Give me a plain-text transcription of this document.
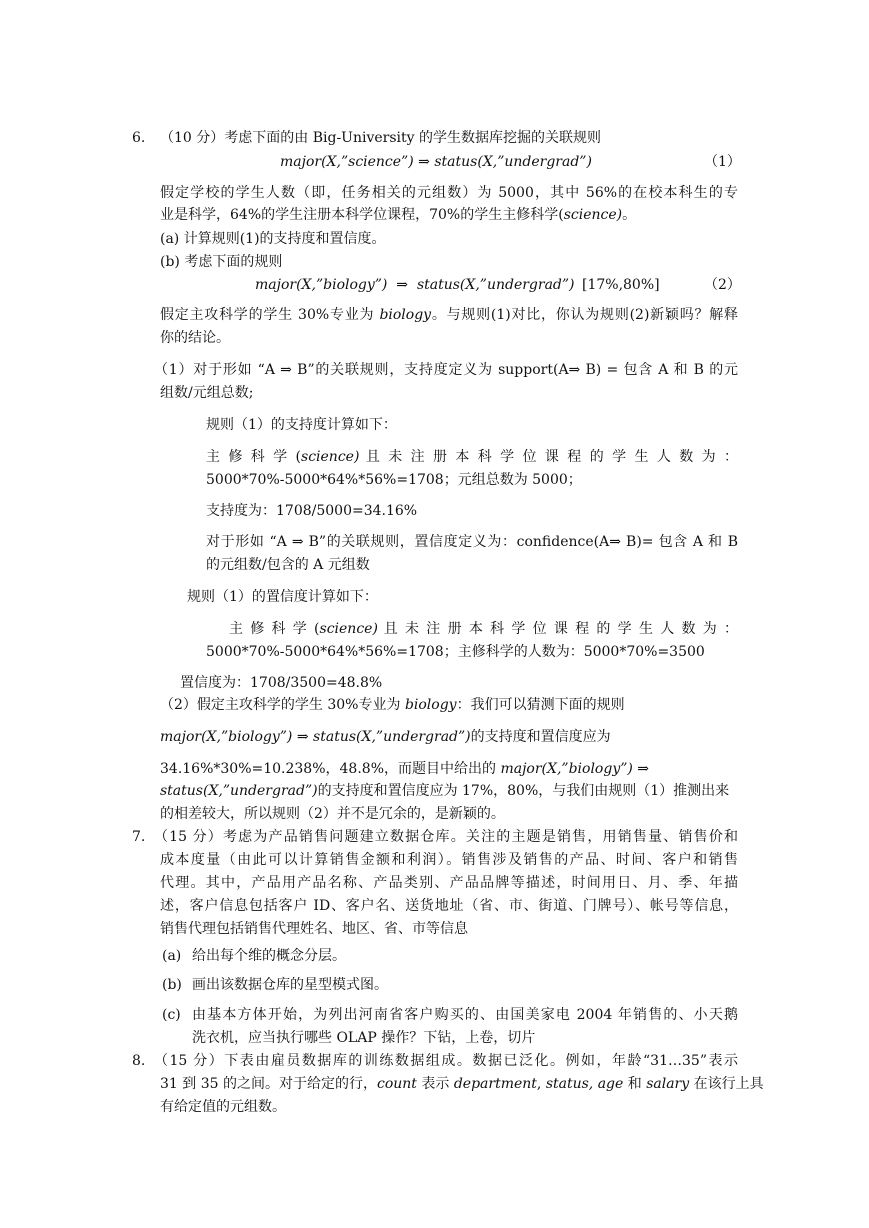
6. （10 分）考虑下面的由 Big-University 的学生数据库挖掘的关联规则
major(X,”science”) ⇒ status(X,”undergrad”)	（1）
假定学校的学生人数（即，任务相关的元组数）为 5000，其中 56%的在校本科生的专
业是科学，64%的学生注册本科学位课程，70%的学生主修科学(science)。
(a) 计算规则(1)的支持度和置信度。
(b) 考虑下面的规则
major(X,”biology”)  ⇒  status(X,”undergrad”) [17%,80%]	（2）
假定主攻科学的学生 30%专业为 biology。与规则(1)对比，你认为规则(2)新颖吗？解释
你的结论。
（1）对于形如 “A ⇒ B”的关联规则，支持度定义为 support(A⇒ B) = 包含 A 和 B 的元
组数/元组总数;
规则（1）的支持度计算如下：
主 修 科 学 (science) 且 未 注 册 本 科 学 位 课 程 的 学 生 人 数 为 ：
5000*70%-5000*64%*56%=1708；元组总数为 5000；
支持度为：1708/5000=34.16%
对于形如 “A ⇒ B”的关联规则，置信度定义为：confidence(A⇒ B)= 包含 A 和 B
的元组数/包含的 A 元组数
规则（1）的置信度计算如下：
主 修 科 学 (science) 且 未 注 册 本 科 学 位 课 程 的 学 生 人 数 为 ：
5000*70%-5000*64%*56%=1708；主修科学的人数为：5000*70%=3500
置信度为：1708/3500=48.8%
（2）假定主攻科学的学生 30%专业为 biology：我们可以猜测下面的规则
major(X,”biology”) ⇒ status(X,”undergrad”)的支持度和置信度应为
34.16%*30%=10.238%，48.8%，而题目中给出的 major(X,”biology”) ⇒
status(X,”undergrad”)的支持度和置信度应为 17%，80%，与我们由规则（1）推测出来
的相差较大，所以规则（2）并不是冗余的，是新颖的。
7. （15 分）考虑为产品销售问题建立数据仓库。关注的主题是销售，用销售量、销售价和
成本度量（由此可以计算销售金额和利润）。销售涉及销售的产品、时间、客户和销售
代理。其中，产品用产品名称、产品类别、产品品牌等描述，时间用日、月、季、年描
述，客户信息包括客户 ID、客户名、送货地址（省、市、街道、门牌号）、帐号等信息，
销售代理包括销售代理姓名、地区、省、市等信息
(a) 给出每个维的概念分层。
(b) 画出该数据仓库的星型模式图。
(c) 由基本方体开始，为列出河南省客户购买的、由国美家电 2004 年销售的、小天鹅
洗衣机，应当执行哪些 OLAP 操作？下钻，上卷，切片
8. （15 分）下表由雇员数据库的训练数据组成。数据已泛化。例如，年龄“31…35”表示
31 到 35 的之间。对于给定的行，count 表示 department, status, age 和 salary 在该行上具
有给定值的元组数。
